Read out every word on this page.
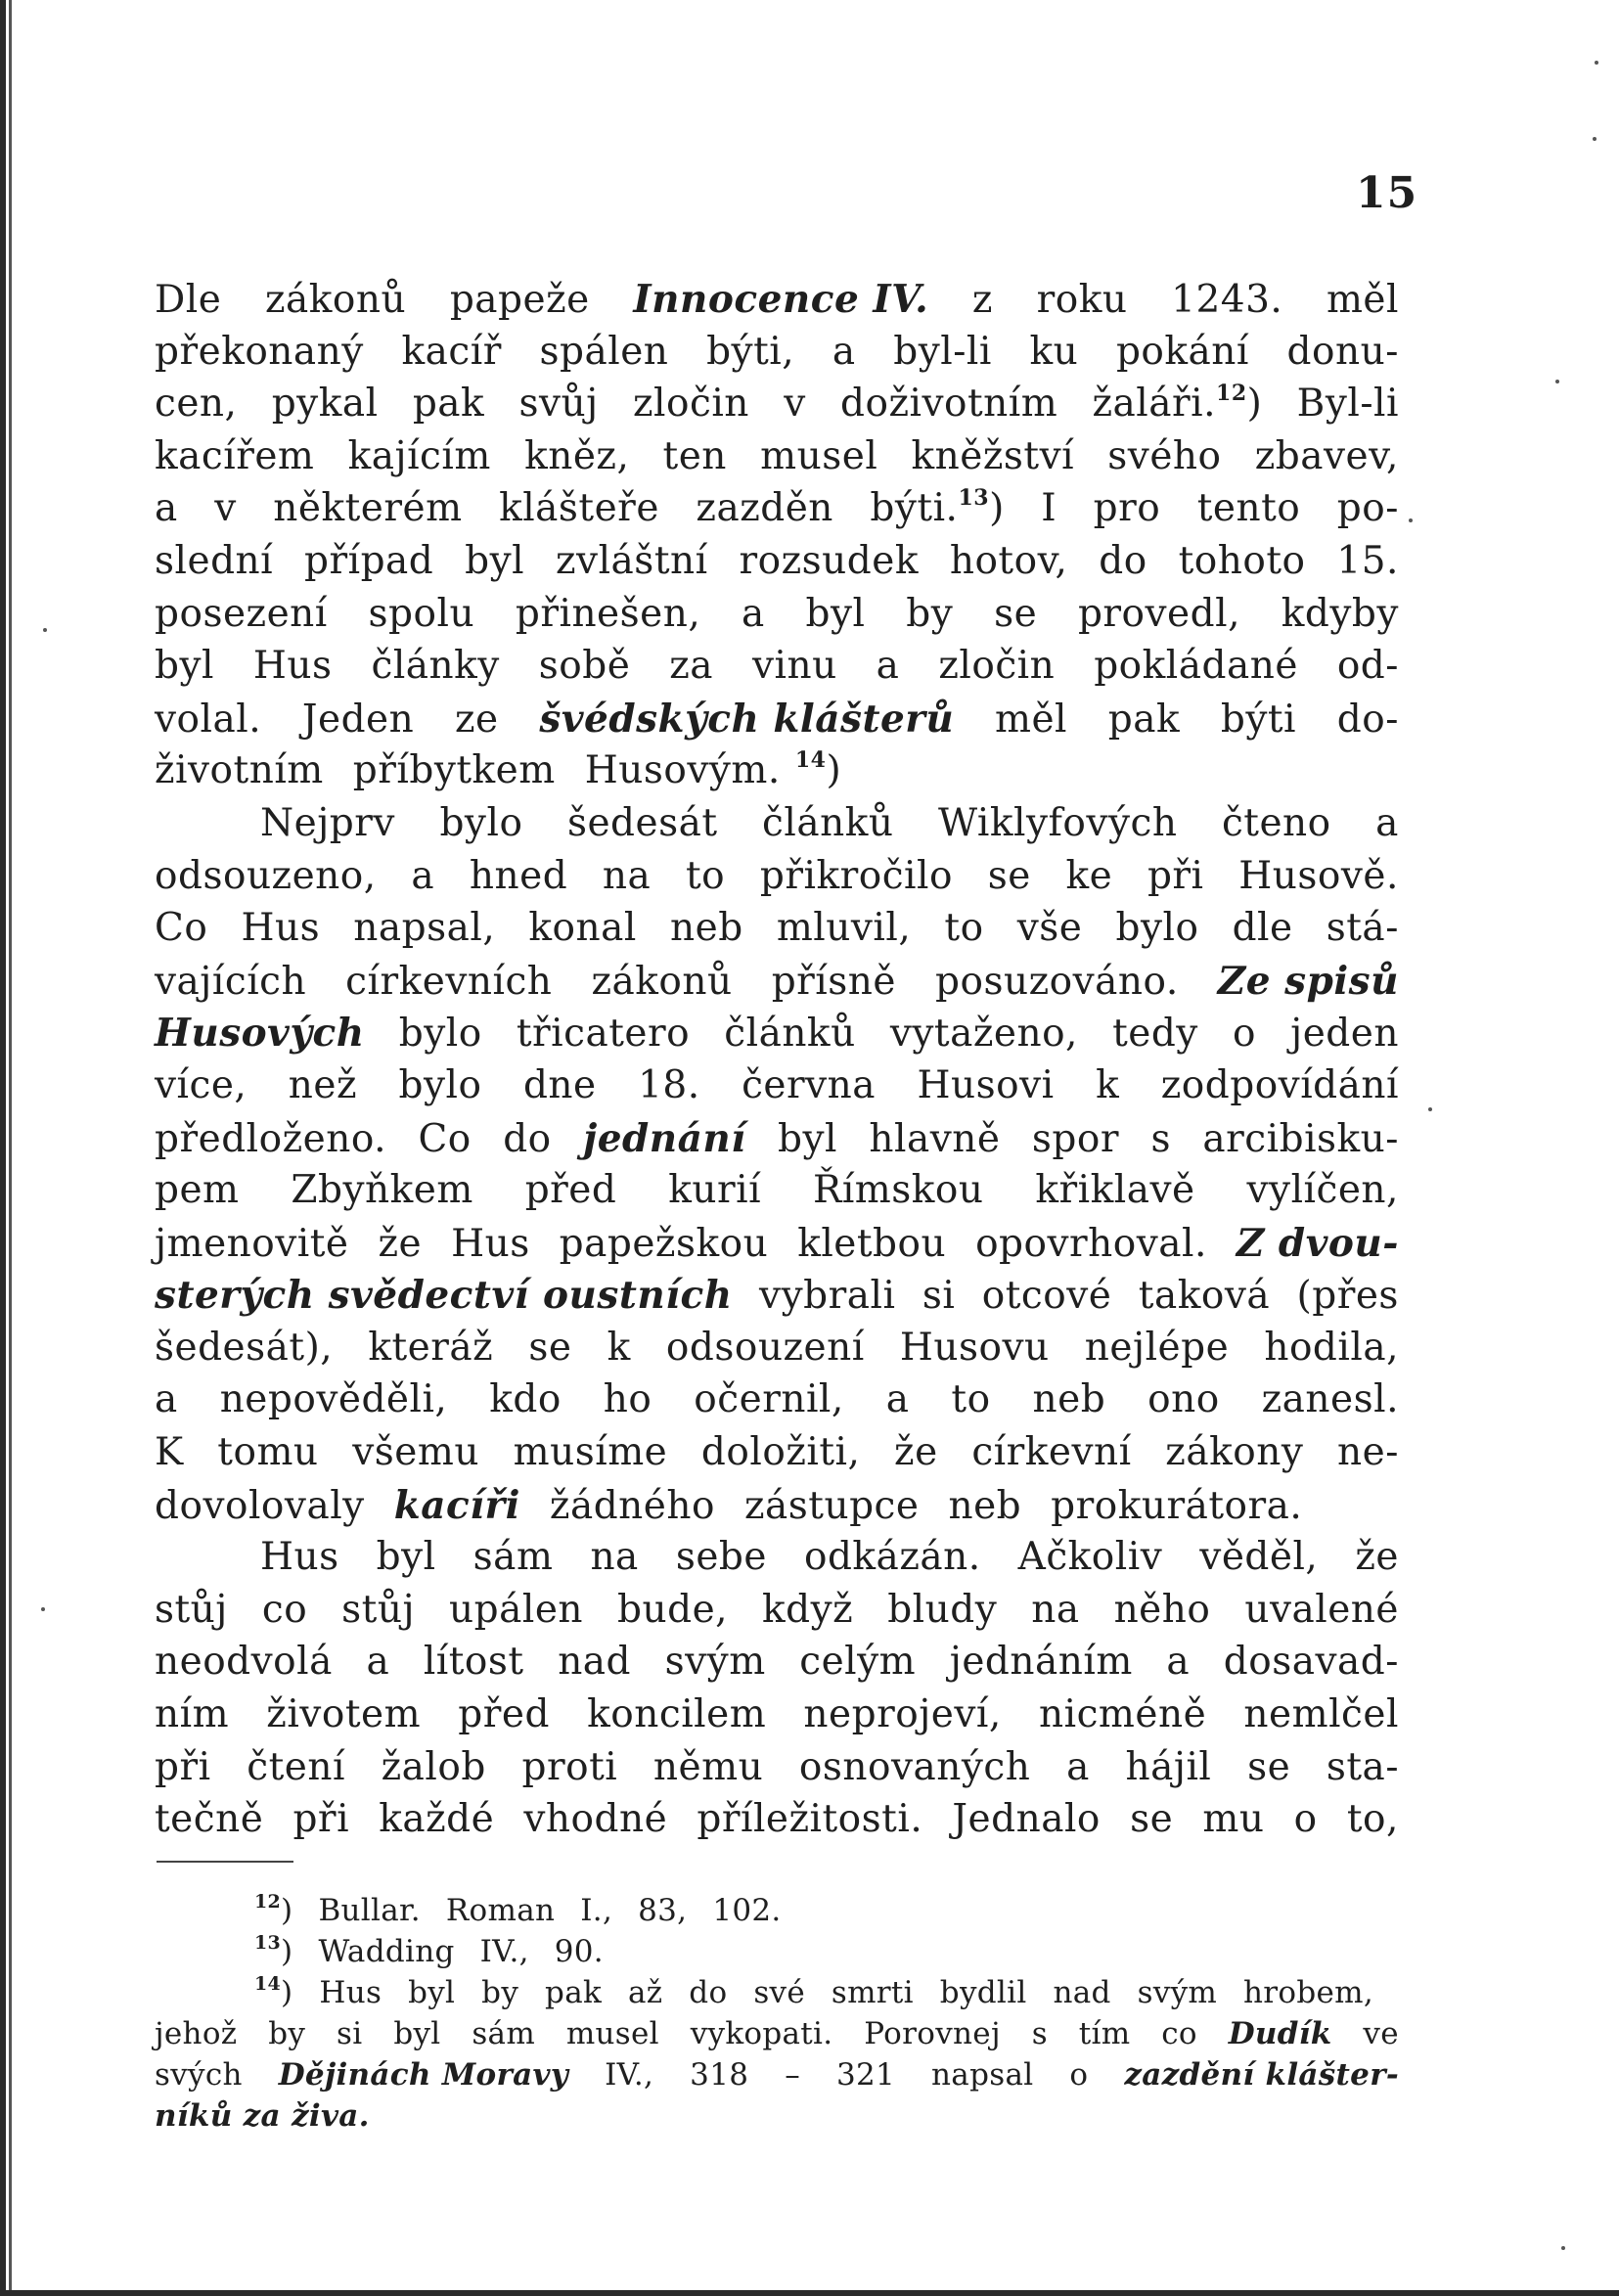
15
Dle zákonů papeže Innocence IV. z roku 1243. měl
překonaný kacíř spálen býti, a byl-li ku pokání donu-
cen, pykal pak svůj zločin v doživotním žaláři.$^{12}$) Byl-li
kacířem kajícím kněz, ten musel kněžství svého zbavev,
a v některém klášteře zazděn býti.$^{13}$) I pro tento po-
slední případ byl zvláštní rozsudek hotov, do tohoto 15.
posezení spolu přinešen, a byl by se provedl, kdyby
byl Hus články sobě za vinu a zločin pokládané od-
volal. Jeden ze švédských klášterů měl pak býti do-
životním příbytkem Husovým. $^{14}$)
Nejprv bylo šedesát článků Wiklyfových čteno a
odsouzeno, a hned na to přikročilo se ke při Husově.
Co Hus napsal, konal neb mluvil, to vše bylo dle stá-
vajících církevních zákonů přísně posuzováno. Ze spisů
Husových bylo třicatero článků vytaženo, tedy o jeden
více, než bylo dne 18. června Husovi k zodpovídání
předloženo. Co do jednání byl hlavně spor s arcibisku-
pem Zbyňkem před kurií Římskou křiklavě vylíčen,
jmenovitě že Hus papežskou kletbou opovrhoval. Z dvou-
sterých svědectví oustních vybrali si otcové taková (přes
šedesát), kteráž se k odsouzení Husovu nejlépe hodila,
a nepověděli, kdo ho očernil, a to neb ono zanesl.
K tomu všemu musíme doložiti, že církevní zákony ne-
dovolovaly kacíři žádného zástupce neb prokurátora.
Hus byl sám na sebe odkázán. Ačkoliv věděl, že
stůj co stůj upálen bude, když bludy na něho uvalené
neodvolá a lítost nad svým celým jednáním a dosavad-
ním životem před koncilem neprojeví, nicméně nemlčel
při čtení žalob proti němu osnovaných a hájil se sta-
tečně při každé vhodné příležitosti. Jednalo se mu o to,
$^{12}$) Bullar. Roman I., 83, 102.
$^{13}$) Wadding IV., 90.
$^{14}$) Hus byl by pak až do své smrti bydlil nad svým hrobem,
jehož by si byl sám musel vykopati. Porovnej s tím co Dudík ve
svých Dějinách Moravy IV., 318 – 321 napsal o zazdění klášter-
níků za živa.
